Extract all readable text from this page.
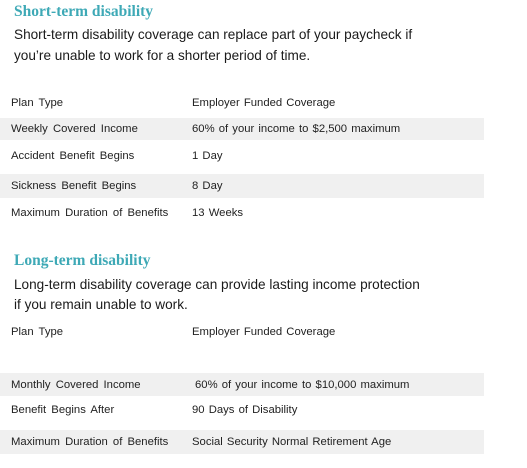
Short-term disability
Short-term disability coverage can replace part of your paycheck if
you’re unable to work for a shorter period of time.
Plan Type	Employer Funded Coverage
Weekly Covered Income	60% of your income to $2,500 maximum
Accident Benefit Begins	1 Day
Sickness Benefit Begins	8 Day
Maximum Duration of Benefits 13 Weeks
Long-term disability
Long-term disability coverage can provide lasting income protection
if you remain unable to work.
Plan Type	Employer Funded Coverage
Monthly Covered Income	60% of your income to $10,000 maximum
Benefit Begins After	90 Days of Disability
Maximum Duration of Benefits Social Security Normal Retirement Age
